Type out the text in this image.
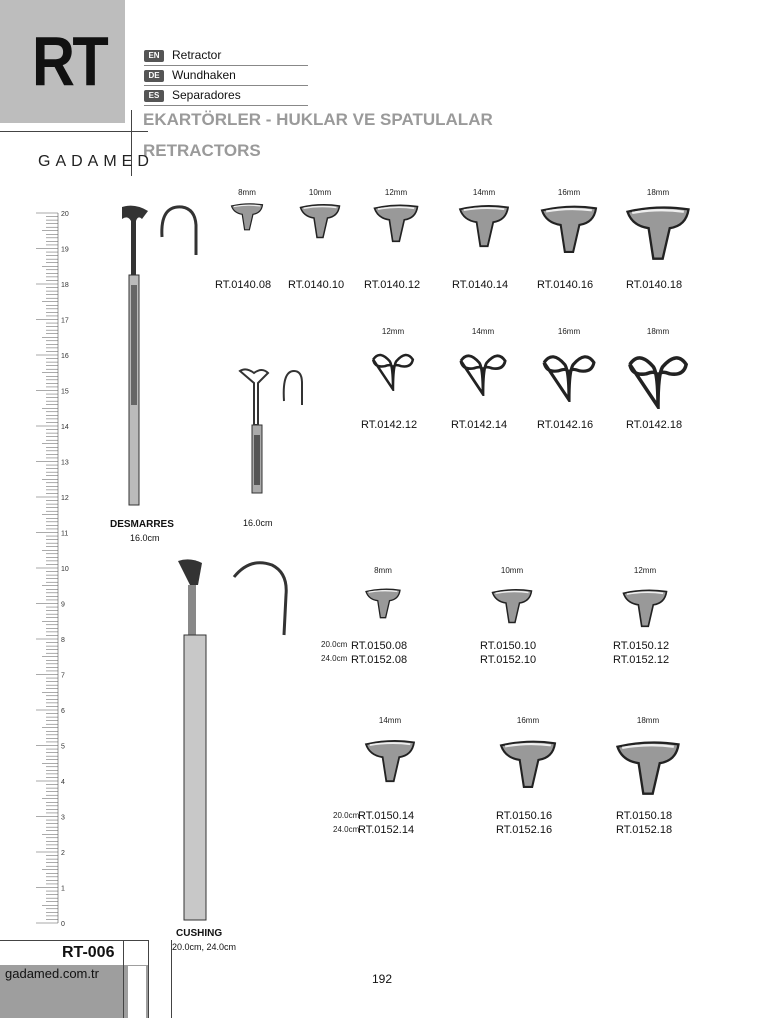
RT	EN	Retractor
DE	Wundhaken
ES	Separadores
EKARTÖRLER - HUKLAR VE SPATULALAR
RETRACTORS
GADAMED
20
19
18
17
16
15
14
13
12
11
10
9
8
7
6
5
4
3
2
1
0
8mm
RT.0140.08
10mm
RT.0140.10
12mm
RT.0140.12
14mm
RT.0140.14
16mm
RT.0140.16
18mm
RT.0140.18
12mm
RT.0142.12
14mm
RT.0142.14
16mm
RT.0142.16
18mm
RT.0142.18
DESMARRES
16.0cm
16.0cm
8mm
RT.0150.08
RT.0152.08
10mm
RT.0150.10
RT.0152.10
12mm
RT.0150.12
RT.0152.12
20.0cm
24.0cm
14mm
RT.0150.14
RT.0152.14
16mm
RT.0150.16
RT.0152.16
18mm
RT.0150.18
RT.0152.18
20.0cm
24.0cm
CUSHING
20.0cm, 24.0cm
RT-006
gadamed.com.tr	192
